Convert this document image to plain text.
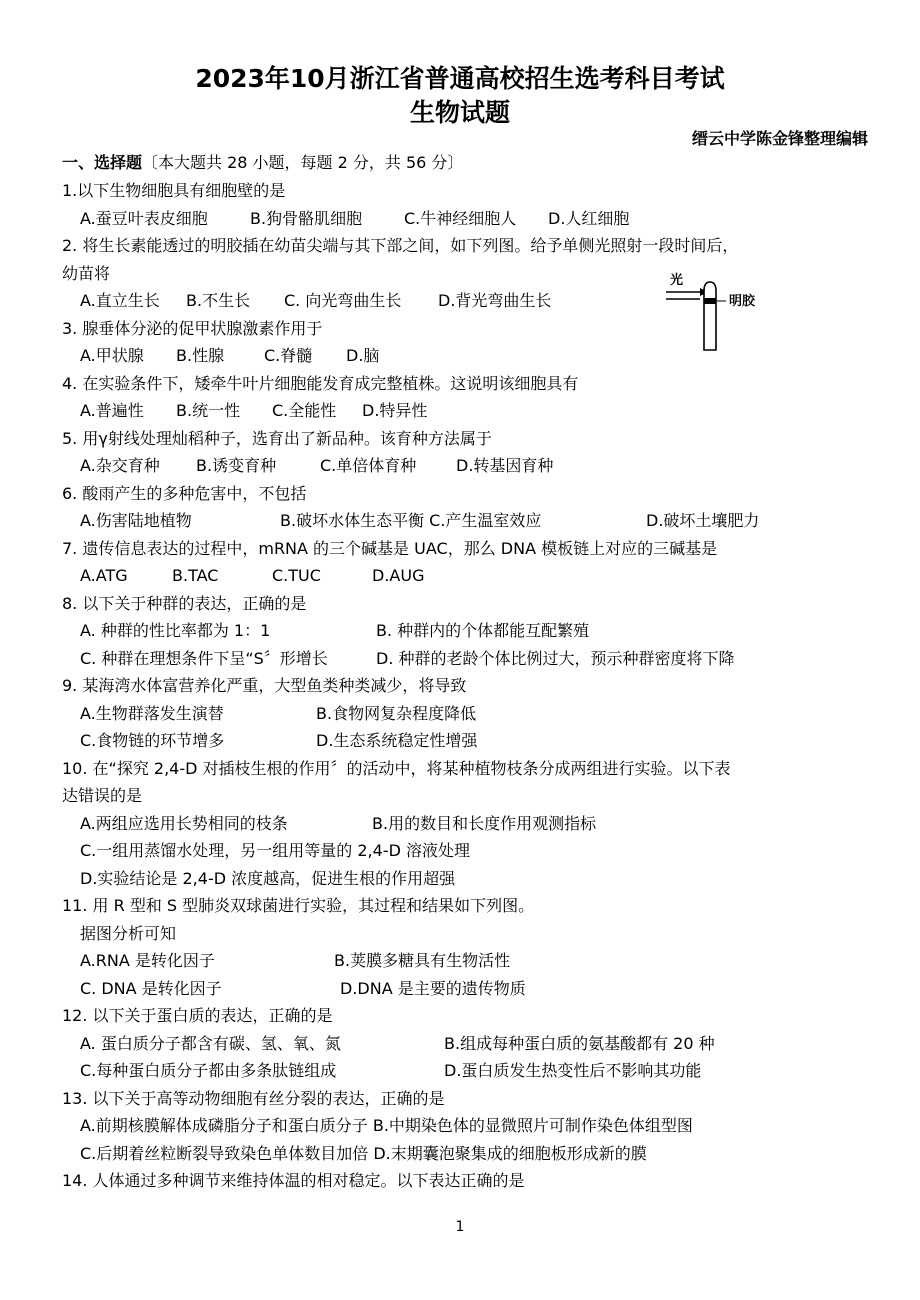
2023年10月浙江省普通高校招生选考科目考试
生物试题
缙云中学陈金锋整理编辑
一、选择题〔本大题共 28 小题，每题 2 分，共 56 分〕
1.以下生物细胞具有细胞壁的是
A.蚕豆叶表皮细胞	B.狗骨骼肌细胞	C.牛神经细胞人 D.人红细胞
2. 将生长素能透过的明胶插在幼苗尖端与其下部之间，如下列图。给予单侧光照射一段时间后，
幼苗将
A.直立生长 B.不生长 C. 向光弯曲生长 D.背光弯曲生长
光
明胶
3. 腺垂体分泌的促甲状腺激素作用于
A.甲状腺 B.性腺 C.脊髓 D.脑
4. 在实验条件下，矮牵牛叶片细胞能发育成完整植株。这说明该细胞具有
A.普遍性 B.统一性 C.全能性 D.特异性
5. 用γ射线处理灿稻种子，选育出了新品种。该育种方法属于
A.杂交育种 B.诱变育种	C.单倍体育种 D.转基因育种
6. 酸雨产生的多种危害中，不包括
A.伤害陆地植物	B.破坏水体生态平衡 C.产生温室效应	D.破坏土壤肥力
7. 遗传信息表达的过程中，mRNA 的三个碱基是 UAC，那么 DNA 模板链上对应的三碱基是
A.ATG	B.TAC	C.TUC	D.AUG
8. 以下关于种群的表达，正确的是
A. 种群的性比率都为 1：1	B. 种群内的个体都能互配繁殖
C. 种群在理想条件下呈“S〞形增长	D. 种群的老龄个体比例过大，预示种群密度将下降
9. 某海湾水体富营养化严重，大型鱼类种类减少，将导致
A.生物群落发生演替	B.食物网复杂程度降低
C.食物链的环节增多	D.生态系统稳定性增强
10. 在“探究 2,4-D 对插枝生根的作用〞的活动中，将某种植物枝条分成两组进行实验。以下表
达错误的是
A.两组应选用长势相同的枝条	B.用的数目和长度作用观测指标
C.一组用蒸馏水处理，另一组用等量的 2,4-D 溶液处理
D.实验结论是 2,4-D 浓度越高，促进生根的作用超强
11. 用 R 型和 S 型肺炎双球菌进行实验，其过程和结果如下列图。
据图分析可知
A.RNA 是转化因子	B.荚膜多糖具有生物活性
C. DNA 是转化因子	D.DNA 是主要的遗传物质
12. 以下关于蛋白质的表达，正确的是
A. 蛋白质分子都含有碳、氢、氧、氮	B.组成每种蛋白质的氨基酸都有 20 种
C.每种蛋白质分子都由多条肽链组成	D.蛋白质发生热变性后不影响其功能
13. 以下关于高等动物细胞有丝分裂的表达，正确的是
A.前期核膜解体成磷脂分子和蛋白质分子 B.中期染色体的显微照片可制作染色体组型图
C.后期着丝粒断裂导致染色单体数目加倍 D.末期囊泡聚集成的细胞板形成新的膜
14. 人体通过多种调节来维持体温的相对稳定。以下表达正确的是
1
